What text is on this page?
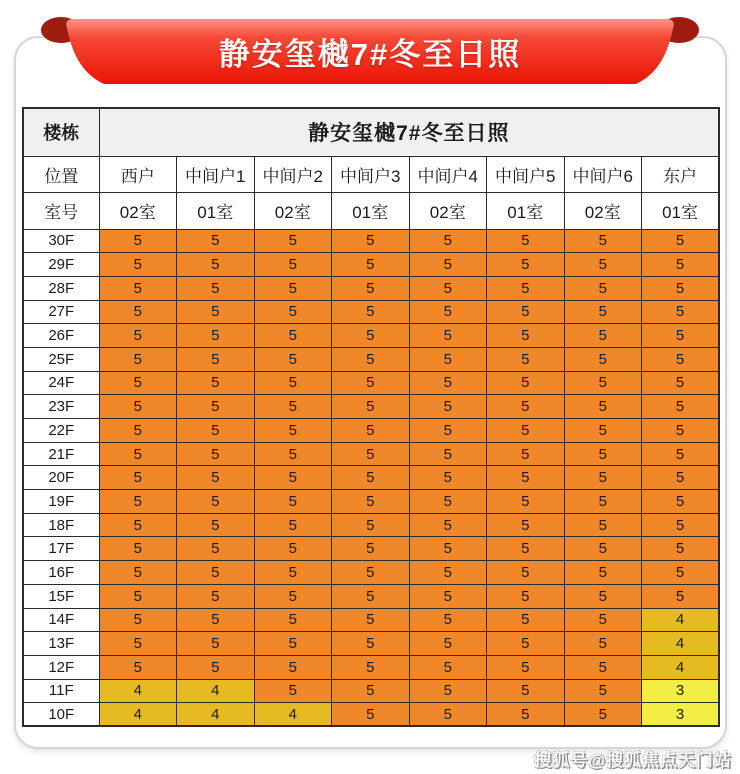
静安玺樾7#冬至日照
楼栋	静安玺樾7#冬至日照							
位置	西户	中间户1	中间户2	中间户3	中间户4	中间户5	中间户6	东户
室号	02室	01室	02室	01室	02室	01室	02室	01室
30F	5	5	5	5	5	5	5	5
29F	5	5	5	5	5	5	5	5
28F	5	5	5	5	5	5	5	5
27F	5	5	5	5	5	5	5	5
26F	5	5	5	5	5	5	5	5
25F	5	5	5	5	5	5	5	5
24F	5	5	5	5	5	5	5	5
23F	5	5	5	5	5	5	5	5
22F	5	5	5	5	5	5	5	5
21F	5	5	5	5	5	5	5	5
20F	5	5	5	5	5	5	5	5
19F	5	5	5	5	5	5	5	5
18F	5	5	5	5	5	5	5	5
17F	5	5	5	5	5	5	5	5
16F	5	5	5	5	5	5	5	5
15F	5	5	5	5	5	5	5	5
14F	5	5	5	5	5	5	5	4
13F	5	5	5	5	5	5	5	4
12F	5	5	5	5	5	5	5	4
11F	4	4	5	5	5	5	5	3
10F	4	4	4	5	5	5	5	3
搜狐号@搜狐焦点天门站
